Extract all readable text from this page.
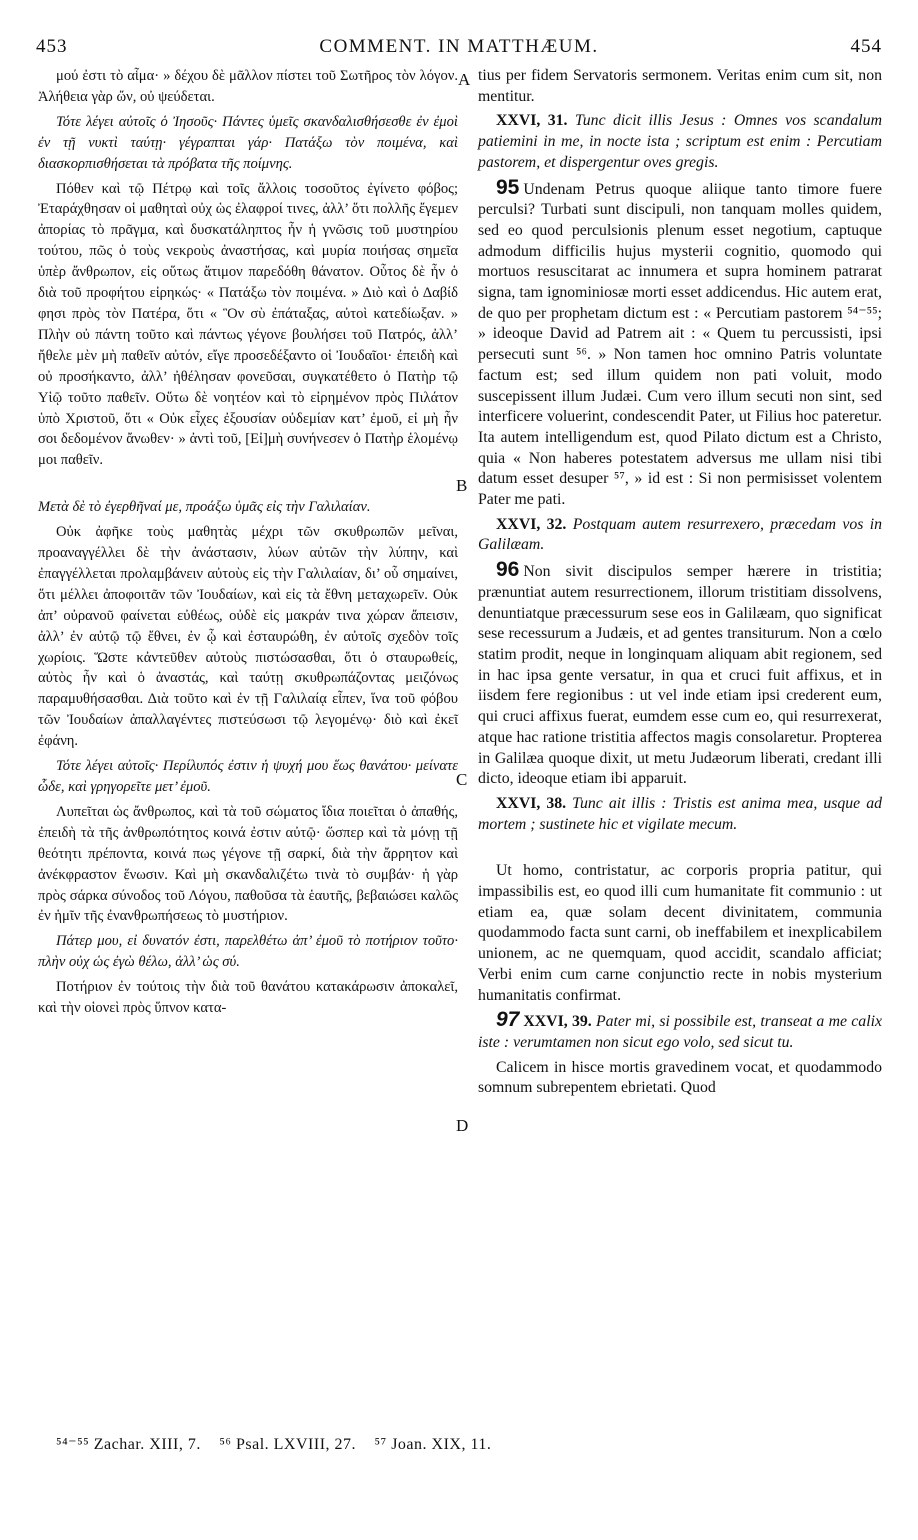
453	COMMENT. IN MATTHÆUM.	454

μού ἐστι τὸ αἷμα· » δέχου δὲ μᾶλλον πίστει τοῦ Σωτῆρος τὸν λόγον. Ἀλήθεια γὰρ ὤν, οὐ ψεύδεται.

Τότε λέγει αὐτοῖς ὁ Ἰησοῦς· Πάντες ὑμεῖς σκανδαλισθήσεσθε ἐν ἐμοὶ ἐν τῇ νυκτὶ ταύτῃ· γέγραπται γάρ· Πατάξω τὸν ποιμένα, καὶ διασκορπισθήσεται τὰ πρόβατα τῆς ποίμνης.

Πόθεν καὶ τῷ Πέτρῳ καὶ τοῖς ἄλλοις τοσοῦτος ἐγίνετο φόβος; Ἐταράχθησαν οἱ μαθηταὶ οὐχ ὡς ἐλαφροί τινες, ἀλλ’ ὅτι πολλῆς ἔγεμεν ἀπορίας τὸ πρᾶγμα, καὶ δυσκατάληπτος ἦν ἡ γνῶσις τοῦ μυστηρίου τούτου, πῶς ὁ τοὺς νεκροὺς ἀναστήσας, καὶ μυρία ποιήσας σημεῖα ὑπὲρ ἄνθρωπον, εἰς οὕτως ἄτιμον παρεδόθη θάνατον. Οὗτος δὲ ἦν ὁ διὰ τοῦ προφήτου εἰρηκώς· « Πατάξω τὸν ποιμένα. » Διὸ καὶ ὁ Δαβίδ φησι πρὸς τὸν Πατέρα, ὅτι « Ὃν σὺ ἐπάταξας, αὐτοὶ κατεδίωξαν. » Πλὴν οὐ πάντη τοῦτο καὶ πάντως γέγονε βουλήσει τοῦ Πατρός, ἀλλ’ ἤθελε μὲν μὴ παθεῖν αὐτόν, εἴγε προσεδέξαντο οἱ Ἰουδαῖοι· ἐπειδὴ καὶ οὐ προσήκαντο, ἀλλ’ ἠθέλησαν φονεῦσαι, συγκατέθετο ὁ Πατὴρ τῷ Υἱῷ τοῦτο παθεῖν. Οὕτω δὲ νοητέον καὶ τὸ εἰρημένον πρὸς Πιλάτον ὑπὸ Χριστοῦ, ὅτι « Οὐκ εἶχες ἐξουσίαν οὐδεμίαν κατ’ ἐμοῦ, εἰ μὴ ἦν σοι δεδομένον ἄνωθεν· » ἀντὶ τοῦ, [Εἰ]μὴ συνήνεσεν ὁ Πατὴρ ἑλομένῳ μοι παθεῖν.

Μετὰ δὲ τὸ ἐγερθῆναί με, προάξω ὑμᾶς εἰς τὴν Γαλιλαίαν.

Οὐκ ἀφῆκε τοὺς μαθητὰς μέχρι τῶν σκυθρωπῶν μεῖναι, προαναγγέλλει δὲ τὴν ἀνάστασιν, λύων αὐτῶν τὴν λύπην, καὶ ἐπαγγέλλεται προλαμβάνειν αὐτοὺς εἰς τὴν Γαλιλαίαν, δι’ οὗ σημαίνει, ὅτι μέλλει ἀποφοιτᾶν τῶν Ἰουδαίων, καὶ εἰς τὰ ἔθνη μεταχωρεῖν. Οὐκ ἀπ’ οὐρανοῦ φαίνεται εὐθέως, οὐδὲ εἰς μακράν τινα χώραν ἄπεισιν, ἀλλ’ ἐν αὐτῷ τῷ ἔθνει, ἐν ᾧ καὶ ἐσταυρώθη, ἐν αὐτοῖς σχεδὸν τοῖς χωρίοις. Ὥστε κἀντεῦθεν αὐτοὺς πιστώσασθαι, ὅτι ὁ σταυρωθείς, αὐτὸς ἦν καὶ ὁ ἀναστάς, καὶ ταύτῃ σκυθρωπάζοντας μειζόνως παραμυθήσασθαι. Διὰ τοῦτο καὶ ἐν τῇ Γαλιλαίᾳ εἶπεν, ἵνα τοῦ φόβου τῶν Ἰουδαίων ἀπαλλαγέντες πιστεύσωσι τῷ λεγομένῳ· διὸ καὶ ἐκεῖ ἐφάνη.

Τότε λέγει αὐτοῖς· Περίλυπός ἐστιν ἡ ψυχή μου ἕως θανάτου· μείνατε ὧδε, καὶ γρηγορεῖτε μετ’ ἐμοῦ.

Λυπεῖται ὡς ἄνθρωπος, καὶ τὰ τοῦ σώματος ἴδια ποιεῖται ὁ ἀπαθής, ἐπειδὴ τὰ τῆς ἀνθρωπότητος κοινά ἐστιν αὐτῷ· ὥσπερ καὶ τὰ μόνῃ τῇ θεότητι πρέποντα, κοινά πως γέγονε τῇ σαρκί, διὰ τὴν ἄρρητον καὶ ἀνέκφραστον ἕνωσιν. Καὶ μὴ σκανδαλιζέτω τινὰ τὸ συμβάν· ἡ γὰρ πρὸς σάρκα σύνοδος τοῦ Λόγου, παθοῦσα τὰ ἑαυτῆς, βεβαιώσει καλῶς ἐν ἡμῖν τῆς ἐνανθρωπήσεως τὸ μυστήριον.

Πάτερ μου, εἰ δυνατόν ἐστι, παρελθέτω ἀπ’ ἐμοῦ τὸ ποτήριον τοῦτο· πλὴν οὐχ ὡς ἐγὼ θέλω, ἀλλ’ ὡς σύ.

Ποτήριον ἐν τούτοις τὴν διὰ τοῦ θανάτου κατακάρωσιν ἀποκαλεῖ, καὶ τὴν οἱονεὶ πρὸς ὕπνον κατα-

tius per fidem Servatoris sermonem. Veritas enim cum sit, non mentitur.

XXVI, 31. Tunc dicit illis Jesus : Omnes vos scandalum patiemini in me, in nocte ista ; scriptum est enim : Percutiam pastorem, et dispergentur oves gregis.

95 Undenam Petrus quoque aliique tanto timore fuere perculsi? Turbati sunt discipuli, non tanquam molles quidem, sed eo quod perculsionis plenum esset negotium, captuque admodum difficilis hujus mysterii cognitio, quomodo qui mortuos resuscitarat ac innumera et supra hominem patrarat signa, tam ignominiosæ morti esset addicendus. Hic autem erat, de quo per prophetam dictum est : « Percutiam pastorem ⁵⁴⁻⁵⁵; » ideoque David ad Patrem ait : « Quem tu percussisti, ipsi persecuti sunt ⁵⁶. » Non tamen hoc omnino Patris voluntate factum est; sed illum quidem non pati voluit, modo suscepissent illum Judæi. Cum vero illum secuti non sint, sed interficere voluerint, condescendit Pater, ut Filius hoc pateretur. Ita autem intelligendum est, quod Pilato dictum est a Christo, quia « Non haberes potestatem adversus me ullam nisi tibi datum esset desuper ⁵⁷, » id est : Si non permisisset volentem Pater me pati.

XXVI, 32. Postquam autem resurrexero, præcedam vos in Galilæam.

96 Non sivit discipulos semper hærere in tristitia; prænuntiat autem resurrectionem, illorum tristitiam dissolvens, denuntiatque præcessurum sese eos in Galilæam, quo significat sese recessurum a Judæis, et ad gentes transiturum. Non a cœlo statim prodit, neque in longinquam aliquam abit regionem, sed in hac ipsa gente versatur, in qua et cruci fuit affixus, et in iisdem fere regionibus : ut vel inde etiam ipsi crederent eum, qui cruci affixus fuerat, eumdem esse cum eo, qui resurrexerat, atque hac ratione tristitia affectos magis consolaretur. Propterea in Galilæa quoque dixit, ut metu Judæorum liberati, credant illi dicto, ideoque etiam ibi apparuit.

XXVI, 38. Tunc ait illis : Tristis est anima mea, usque ad mortem ; sustinete hic et vigilate mecum.

Ut homo, contristatur, ac corporis propria patitur, qui impassibilis est, eo quod illi cum humanitate fit communio : ut etiam ea, quæ solam decent divinitatem, communia quodammodo facta sunt carni, ob ineffabilem et inexplicabilem unionem, ac ne quemquam, quod accidit, scandalo afficiat; Verbi enim cum carne conjunctio recte in nobis mysterium humanitatis confirmat.

97 XXVI, 39. Pater mi, si possibile est, transeat a me calix iste : verumtamen non sicut ego volo, sed sicut tu.

Calicem in hisce mortis gravedinem vocat, et quodammodo somnum subrepentem ebrietati. Quod

A
B
C
D
⁵⁴⁻⁵⁵ Zachar. XIII, 7. ⁵⁶ Psal. LXVIII, 27. ⁵⁷ Joan. XIX, 11.
